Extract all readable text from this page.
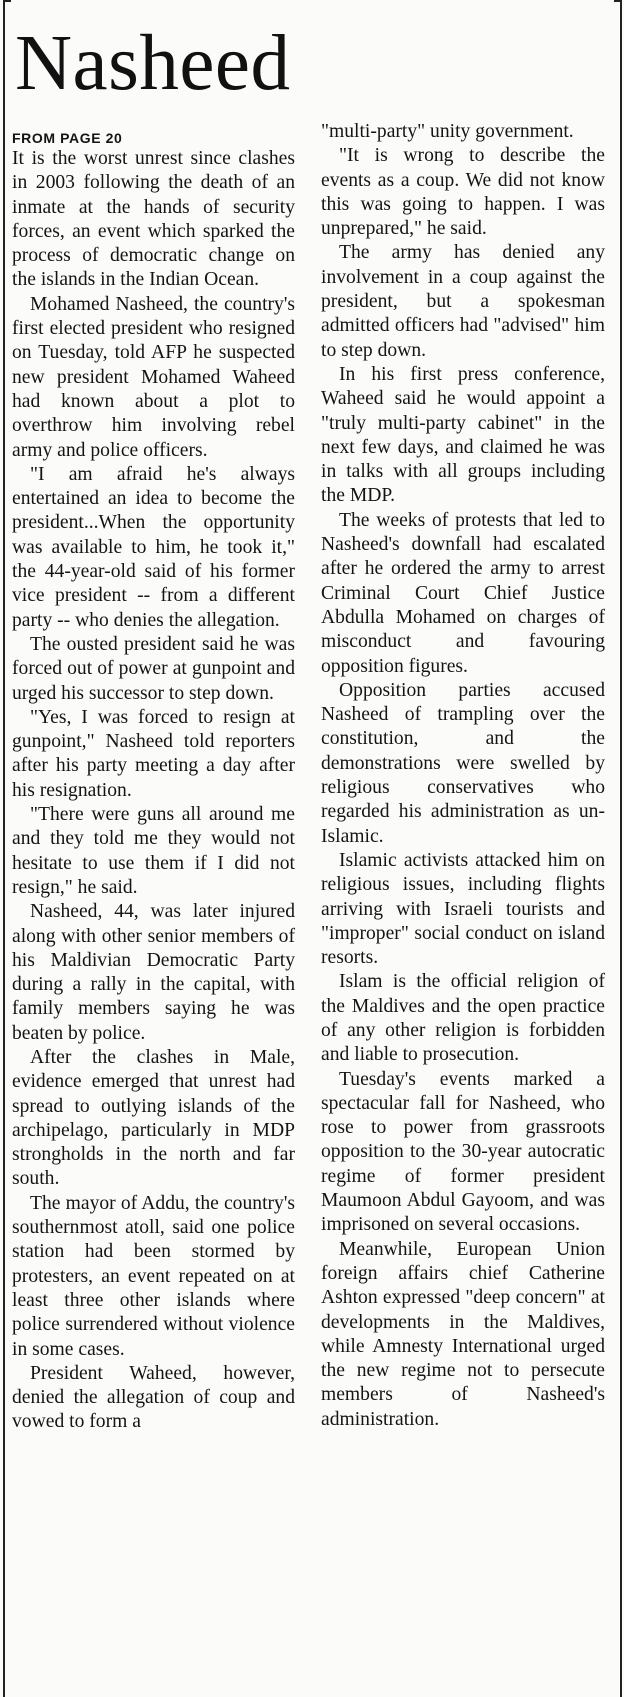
Nasheed
FROM PAGE 20

It is the worst unrest since clashes in 2003 following the death of an inmate at the hands of security forces, an event which sparked the process of democratic change on the islands in the Indian Ocean.

Mohamed Nasheed, the country's first elected president who resigned on Tuesday, told AFP he suspected new president Mohamed Waheed had known about a plot to overthrow him involving rebel army and police officers.

"I am afraid he's always entertained an idea to become the president...When the opportunity was available to him, he took it," the 44-year-old said of his former vice president -- from a different party -- who denies the allegation.

The ousted president said he was forced out of power at gunpoint and urged his successor to step down.

"Yes, I was forced to resign at gunpoint," Nasheed told reporters after his party meeting a day after his resignation.

"There were guns all around me and they told me they would not hesitate to use them if I did not resign," he said.

Nasheed, 44, was later injured along with other senior members of his Maldivian Democratic Party during a rally in the capital, with family members saying he was beaten by police.

After the clashes in Male, evidence emerged that unrest had spread to outlying islands of the archipelago, particularly in MDP strongholds in the north and far south.

The mayor of Addu, the country's southernmost atoll, said one police station had been stormed by protesters, an event repeated on at least three other islands where police surrendered without violence in some cases.

President Waheed, however, denied the allegation of coup and vowed to form a

"multi-party" unity government.

"It is wrong to describe the events as a coup. We did not know this was going to happen. I was unprepared," he said.

The army has denied any involvement in a coup against the president, but a spokesman admitted officers had "advised" him to step down.

In his first press conference, Waheed said he would appoint a "truly multi-party cabinet" in the next few days, and claimed he was in talks with all groups including the MDP.

The weeks of protests that led to Nasheed's downfall had escalated after he ordered the army to arrest Criminal Court Chief Justice Abdulla Mohamed on charges of misconduct and favouring opposition figures.

Opposition parties accused Nasheed of trampling over the constitution, and the demonstrations were swelled by religious conservatives who regarded his administration as un-Islamic.

Islamic activists attacked him on religious issues, including flights arriving with Israeli tourists and "improper" social conduct on island resorts.

Islam is the official religion of the Maldives and the open practice of any other religion is forbidden and liable to prosecution.

Tuesday's events marked a spectacular fall for Nasheed, who rose to power from grassroots opposition to the 30-year autocratic regime of former president Maumoon Abdul Gayoom, and was imprisoned on several occasions.

Meanwhile, European Union foreign affairs chief Catherine Ashton expressed "deep concern" at developments in the Maldives, while Amnesty International urged the new regime not to persecute members of Nasheed's administration.
